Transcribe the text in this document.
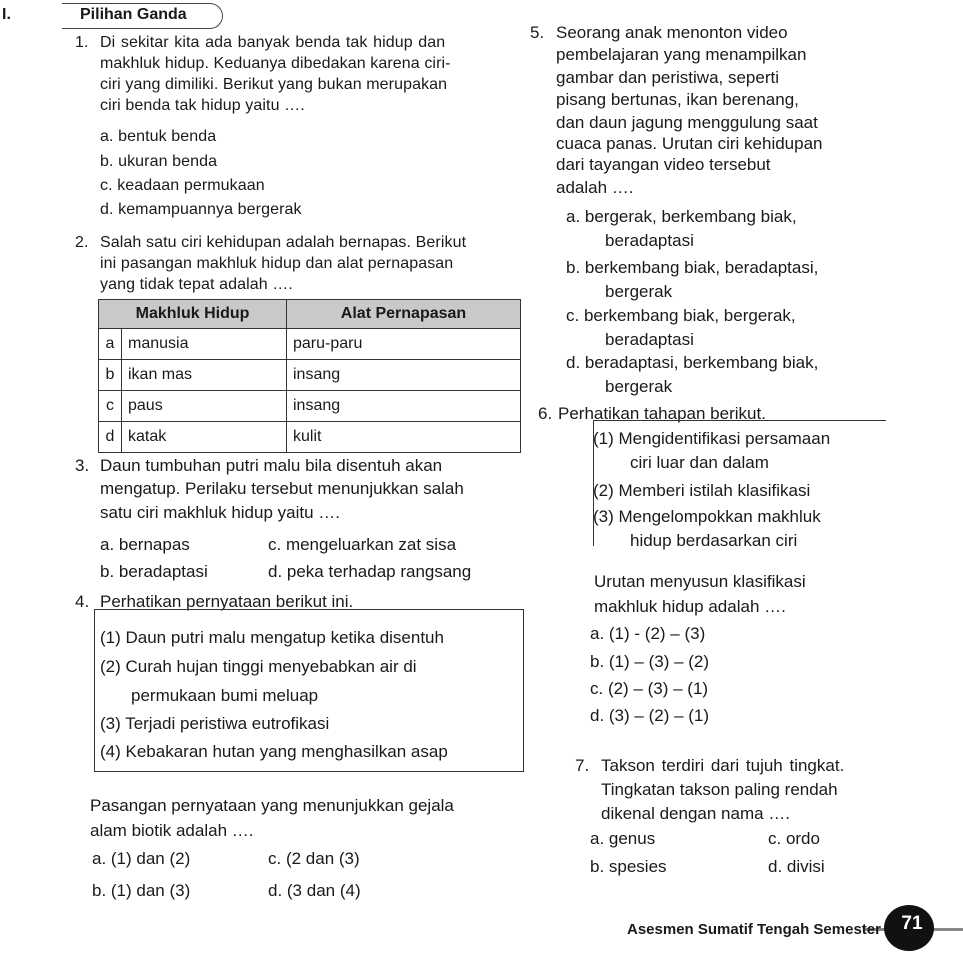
I.	Pilihan Ganda
1. Di sekitar kita ada banyak benda tak hidup dan
makhluk hidup. Keduanya dibedakan karena ciri-
ciri yang dimiliki. Berikut yang bukan merupakan
ciri benda tak hidup yaitu ….
a. bentuk benda
b. ukuran benda
c. keadaan permukaan
d. kemampuannya bergerak
2. Salah satu ciri kehidupan adalah bernapas. Berikut
ini pasangan makhluk hidup dan alat pernapasan
yang tidak tepat adalah ….
Makhluk Hidup		Alat Pernapasan
a	manusia	paru-paru
b	ikan mas	insang
c	paus	insang
d	katak	kulit
3. Daun tumbuhan putri malu bila disentuh akan
mengatup. Perilaku tersebut menunjukkan salah
satu ciri makhluk hidup yaitu ….
a. bernapas	c. mengeluarkan zat sisa
b. beradaptasi	d. peka terhadap rangsang
4. Perhatikan pernyataan berikut ini.
(1) Daun putri malu mengatup ketika disentuh
(2) Curah hujan tinggi menyebabkan air di
permukaan bumi meluap
(3) Terjadi peristiwa eutrofikasi
(4) Kebakaran hutan yang menghasilkan asap
Pasangan pernyataan yang menunjukkan gejala
alam biotik adalah ….
a. (1) dan (2)	c. (2 dan (3)
b. (1) dan (3)	d. (3 dan (4)
5. Seorang anak menonton video
pembelajaran yang menampilkan
gambar dan peristiwa, seperti
pisang bertunas, ikan berenang,
dan daun jagung menggulung saat
cuaca panas. Urutan ciri kehidupan
dari tayangan video tersebut
adalah ….
a. bergerak, berkembang biak,
beradaptasi
b. berkembang biak, beradaptasi,
bergerak
c. berkembang biak, bergerak,
beradaptasi
d. beradaptasi, berkembang biak,
bergerak
6. Perhatikan tahapan berikut.
(1) Mengidentifikasi persamaan
ciri luar dan dalam
(2) Memberi istilah klasifikasi
(3) Mengelompokkan makhluk
hidup berdasarkan ciri
Urutan menyusun klasifikasi
makhluk hidup adalah ….
a. (1) - (2) – (3)
b. (1) – (3) – (2)
c. (2) – (3) – (1)
d. (3) – (2) – (1)
7. Takson terdiri dari tujuh tingkat.
Tingkatan takson paling rendah
dikenal dengan nama ….
a. genus	c. ordo
b. spesies	d. divisi
Asesmen Sumatif Tengah Semester	71
